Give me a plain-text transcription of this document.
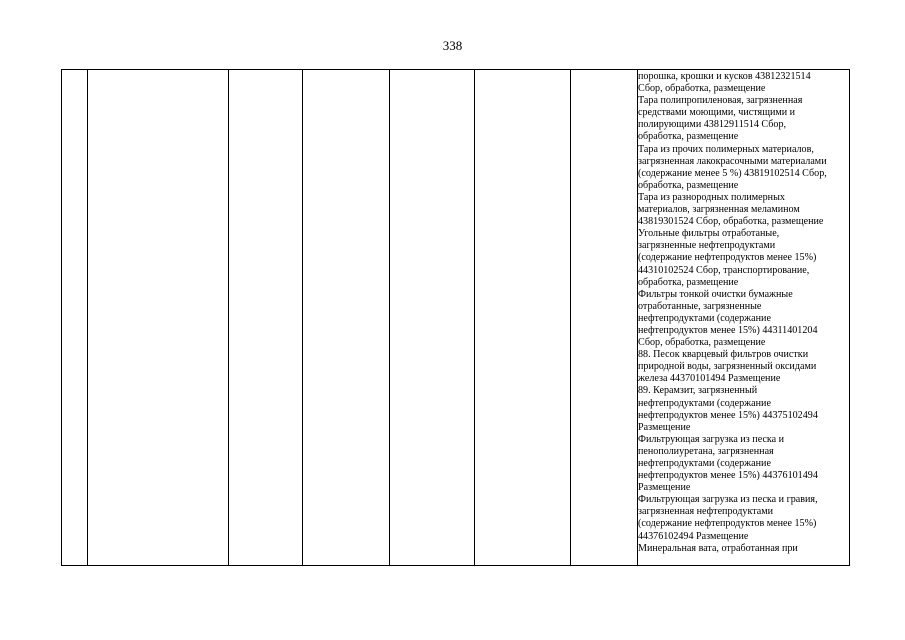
338
порошка, крошки и кусков 43812321514
Сбор, обработка, размещение
Тара полипропиленовая, загрязненная
средствами моющими, чистящими и
полирующими 43812911514 Сбор,
обработка, размещение
Тара из прочих полимерных материалов,
загрязненная лакокрасочными материалами
(содержание менее 5 %) 43819102514 Сбор,
обработка, размещение
Тара из разнородных полимерных
материалов, загрязненная меламином
43819301524 Сбор, обработка, размещение
Угольные фильтры отработаные,
загрязненные нефтепродуктами
(содержание нефтепродуктов менее 15%)
44310102524 Сбор, транспортирование,
обработка, размещение
Фильтры тонкой очистки бумажные
отработанные, загрязненные
нефтепродуктами (содержание
нефтепродуктов менее 15%) 44311401204
Сбор, обработка, размещение
88. Песок кварцевый фильтров очистки
природной воды, загрязненный оксидами
железа 44370101494 Размещение
89. Керамзит, загрязненный
нефтепродуктами (содержание
нефтепродуктов менее 15%) 44375102494
Размещение
Фильтрующая загрузка из песка и
пенополиуретана, загрязненная
нефтепродуктами (содержание
нефтепродуктов менее 15%) 44376101494
Размещение
Фильтрующая загрузка из песка и гравия,
загрязненная нефтепродуктами
(содержание нефтепродуктов менее 15%)
44376102494 Размещение
Минеральная вата, отработанная при
